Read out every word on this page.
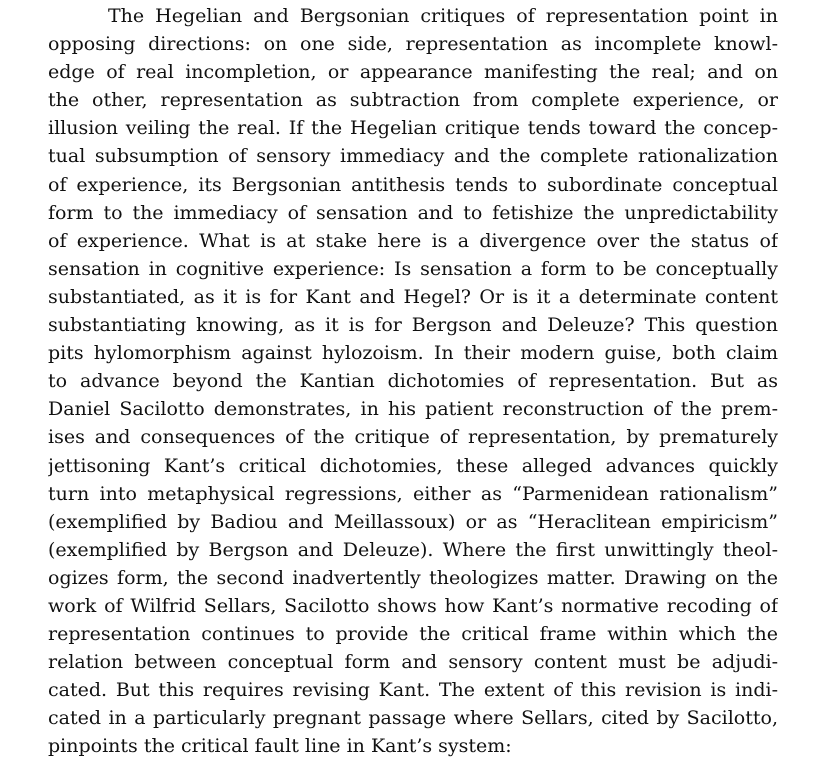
The Hegelian and Bergsonian critiques of representation point in
opposing directions: on one side, representation as incomplete knowl-
edge of real incompletion, or appearance manifesting the real; and on
the other, representation as subtraction from complete experience, or
illusion veiling the real. If the Hegelian critique tends toward the concep-
tual subsumption of sensory immediacy and the complete rationalization
of experience, its Bergsonian antithesis tends to subordinate conceptual
form to the immediacy of sensation and to fetishize the unpredictability
of experience. What is at stake here is a divergence over the status of
sensation in cognitive experience: Is sensation a form to be conceptually
substantiated, as it is for Kant and Hegel? Or is it a determinate content
substantiating knowing, as it is for Bergson and Deleuze? This question
pits hylomorphism against hylozoism. In their modern guise, both claim
to advance beyond the Kantian dichotomies of representation. But as
Daniel Sacilotto demonstrates, in his patient reconstruction of the prem-
ises and consequences of the critique of representation, by prematurely
jettisoning Kant’s critical dichotomies, these alleged advances quickly
turn into metaphysical regressions, either as “Parmenidean rationalism”
(exemplified by Badiou and Meillassoux) or as “Heraclitean empiricism”
(exemplified by Bergson and Deleuze). Where the first unwittingly theol-
ogizes form, the second inadvertently theologizes matter. Drawing on the
work of Wilfrid Sellars, Sacilotto shows how Kant’s normative recoding of
representation continues to provide the critical frame within which the
relation between conceptual form and sensory content must be adjudi-
cated. But this requires revising Kant. The extent of this revision is indi-
cated in a particularly pregnant passage where Sellars, cited by Sacilotto,
pinpoints the critical fault line in Kant’s system:
